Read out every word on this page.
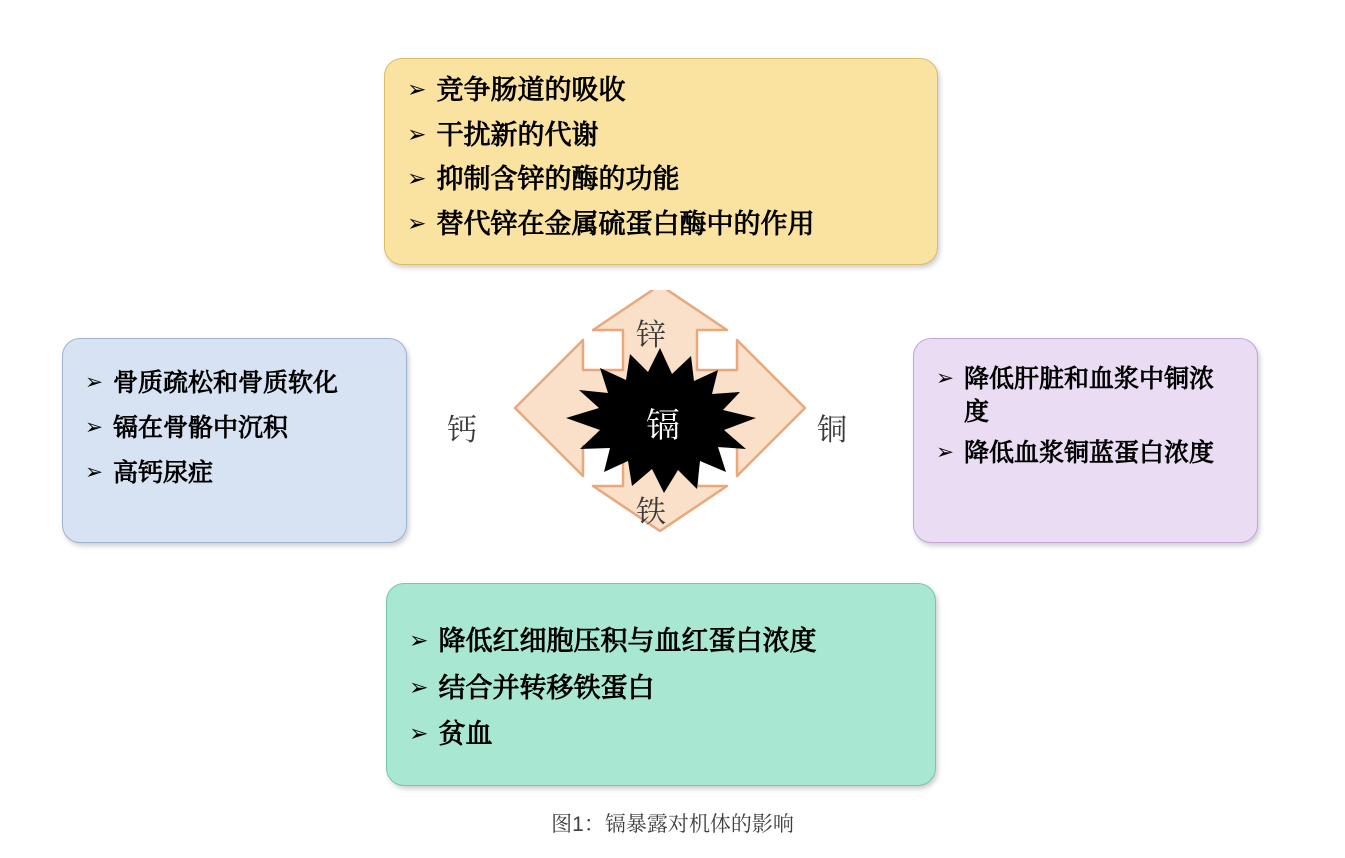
镉
锌
铁
钙	铜
➢ 竞争肠道的吸收
➢ 干扰新的代谢
➢ 抑制含锌的酶的功能
➢ 替代锌在金属硫蛋白酶中的作用
➢ 骨质疏松和骨质软化
➢ 镉在骨骼中沉积
➢ 高钙尿症
➢ 降低肝脏和血浆中铜浓度
➢ 降低血浆铜蓝蛋白浓度
➢ 降低红细胞压积与血红蛋白浓度
➢ 结合并转移铁蛋白
➢ 贫血
图1：镉暴露对机体的影响
